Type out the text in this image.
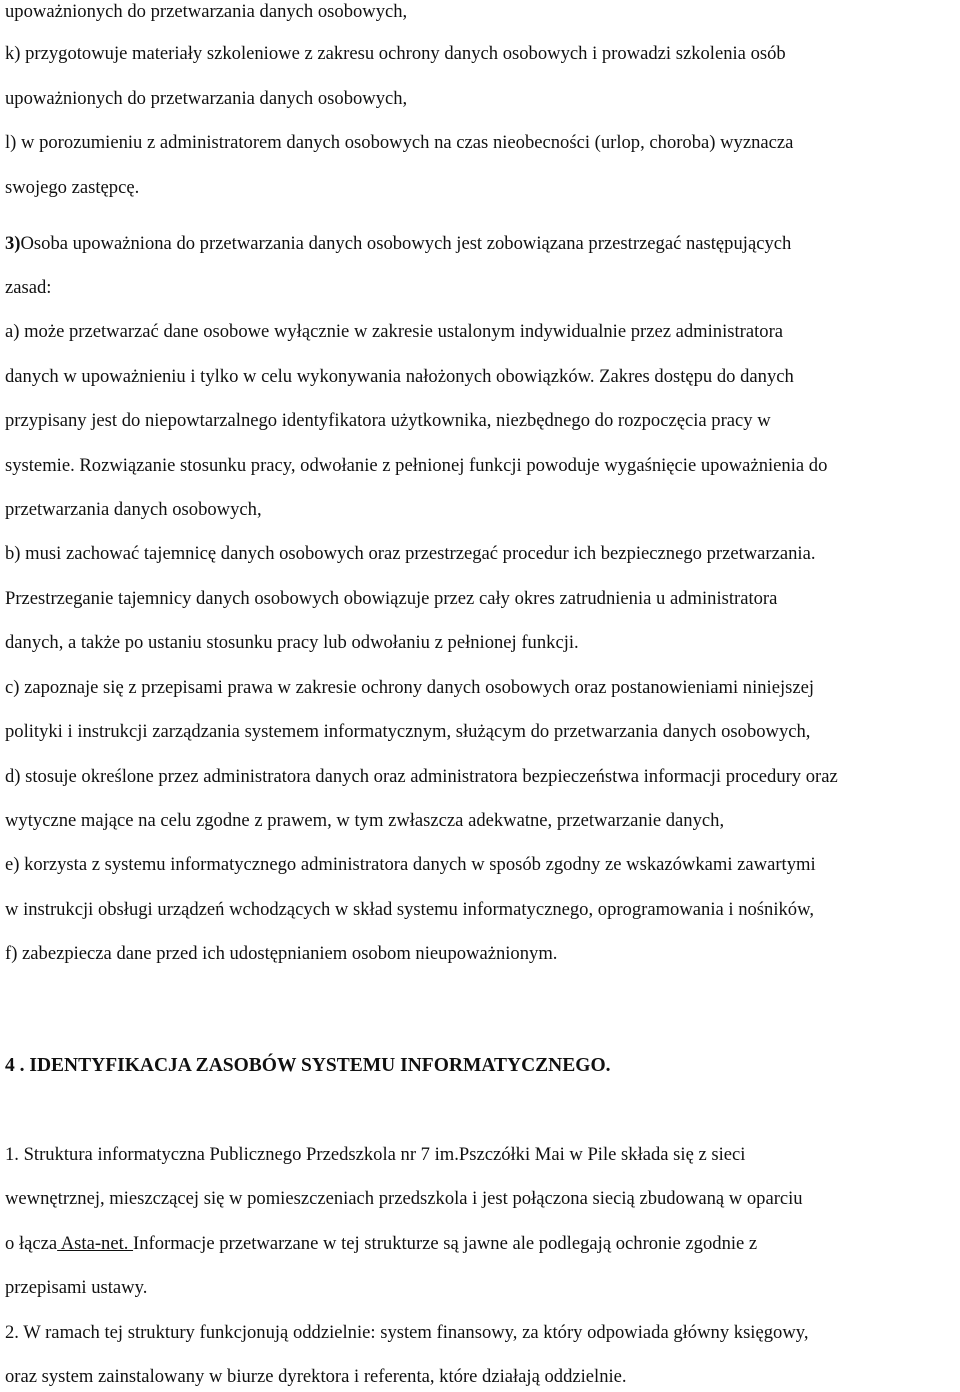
upoważnionych do przetwarzania danych osobowych,
k) przygotowuje materiały szkoleniowe z zakresu ochrony danych osobowych i prowadzi szkolenia osób
upoważnionych do przetwarzania danych osobowych,
l) w porozumieniu z administratorem danych osobowych na czas nieobecności (urlop, choroba) wyznacza
swojego zastępcę.
3)Osoba upoważniona do przetwarzania danych osobowych jest zobowiązana przestrzegać następujących
zasad:
a) może przetwarzać dane osobowe wyłącznie w zakresie ustalonym indywidualnie przez administratora
danych w upoważnieniu i tylko w celu wykonywania nałożonych obowiązków. Zakres dostępu do danych
przypisany jest do niepowtarzalnego identyfikatora użytkownika, niezbędnego do rozpoczęcia pracy w
systemie. Rozwiązanie stosunku pracy, odwołanie z pełnionej funkcji powoduje wygaśnięcie upoważnienia do
przetwarzania danych osobowych,
b) musi zachować tajemnicę danych osobowych oraz przestrzegać procedur ich bezpiecznego przetwarzania.
Przestrzeganie tajemnicy danych osobowych obowiązuje przez cały okres zatrudnienia u administratora
danych, a także po ustaniu stosunku pracy lub odwołaniu z pełnionej funkcji.
c) zapoznaje się z przepisami prawa w zakresie ochrony danych osobowych oraz postanowieniami niniejszej
polityki i instrukcji zarządzania systemem informatycznym, służącym do przetwarzania danych osobowych,
d) stosuje określone przez administratora danych oraz administratora bezpieczeństwa informacji procedury oraz
wytyczne mające na celu zgodne z prawem, w tym zwłaszcza adekwatne, przetwarzanie danych,
e) korzysta z systemu informatycznego administratora danych w sposób zgodny ze wskazówkami zawartymi
w instrukcji obsługi urządzeń wchodzących w skład systemu informatycznego, oprogramowania i nośników,
f) zabezpiecza dane przed ich udostępnianiem osobom nieupoważnionym.
4 . IDENTYFIKACJA ZASOBÓW SYSTEMU INFORMATYCZNEGO.
1. Struktura informatyczna Publicznego Przedszkola nr 7 im.Pszczółki Mai w Pile składa się z sieci
wewnętrznej, mieszczącej się w pomieszczeniach przedszkola i jest połączona siecią zbudowaną w oparciu
o łącza Asta-net. Informacje przetwarzane w tej strukturze są jawne ale podlegają ochronie zgodnie z
przepisami ustawy.
2. W ramach tej struktury funkcjonują oddzielnie: system finansowy, za który odpowiada główny księgowy,
oraz system zainstalowany w biurze dyrektora i referenta, które działają oddzielnie.
